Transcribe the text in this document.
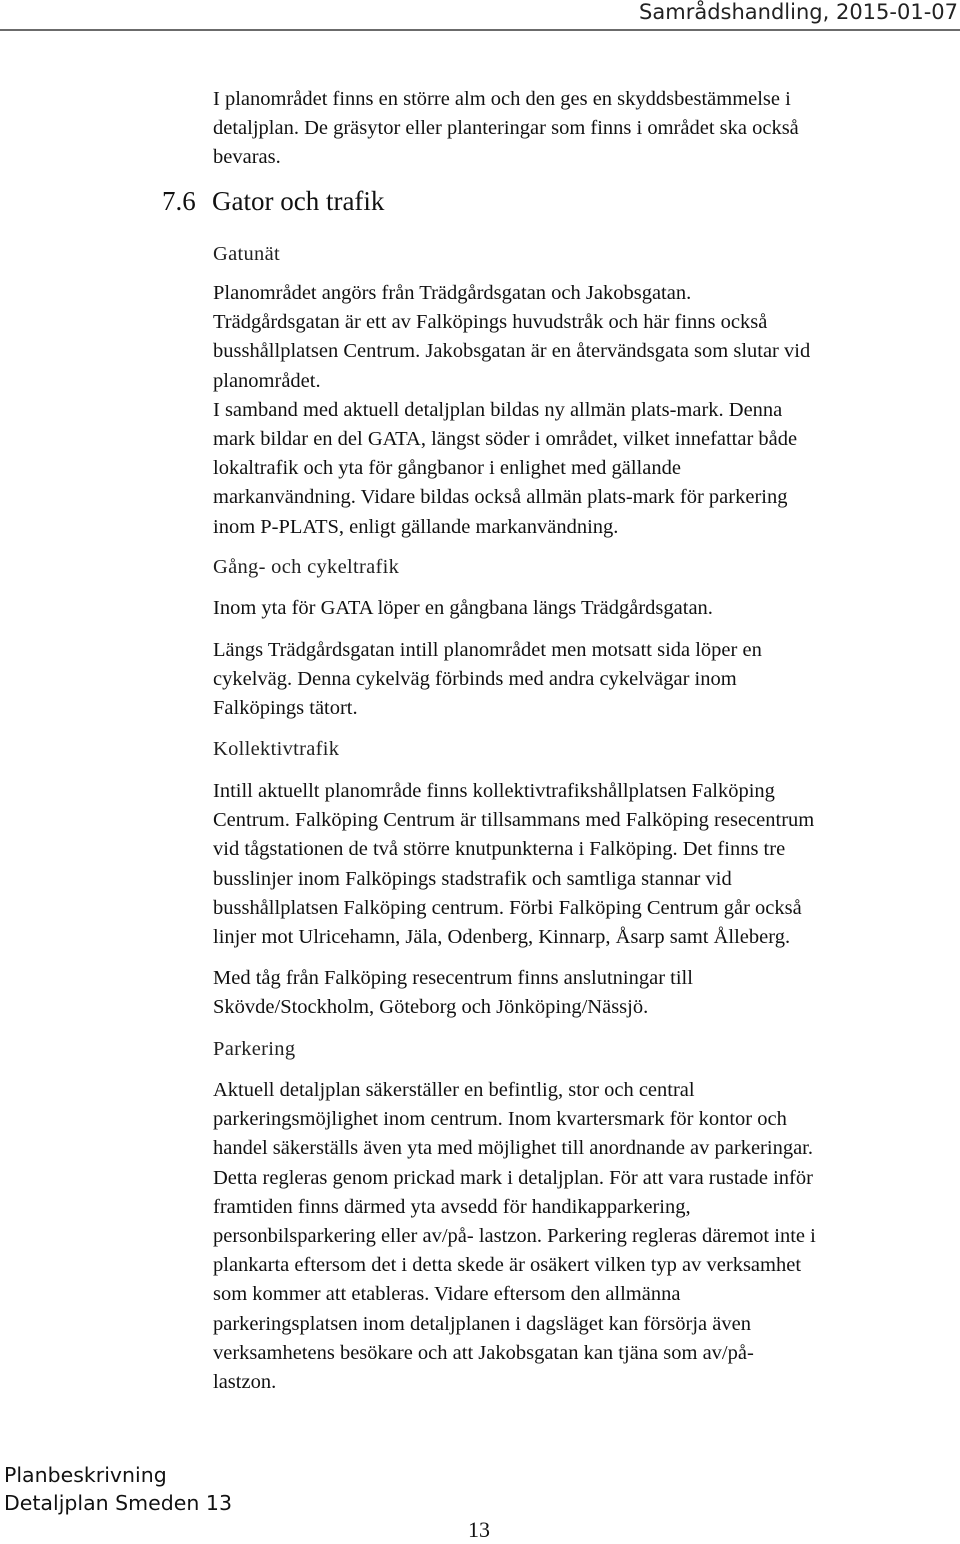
Samrådshandling, 2015-01-07
I planområdet finns en större alm och den ges en skyddsbestämmelse i
detaljplan. De gräsytor eller planteringar som finns i området ska också
bevaras.
7.6 Gator och trafik
Gatunät
Planområdet angörs från Trädgårdsgatan och Jakobsgatan.
Trädgårdsgatan är ett av Falköpings huvudstråk och här finns också
busshållplatsen Centrum. Jakobsgatan är en återvändsgata som slutar vid
planområdet.
I samband med aktuell detaljplan bildas ny allmän plats-mark. Denna
mark bildar en del GATA, längst söder i området, vilket innefattar både
lokaltrafik och yta för gångbanor i enlighet med gällande
markanvändning. Vidare bildas också allmän plats-mark för parkering
inom P-PLATS, enligt gällande markanvändning.
Gång- och cykeltrafik
Inom yta för GATA löper en gångbana längs Trädgårdsgatan.
Längs Trädgårdsgatan intill planområdet men motsatt sida löper en
cykelväg. Denna cykelväg förbinds med andra cykelvägar inom
Falköpings tätort.
Kollektivtrafik
Intill aktuellt planområde finns kollektivtrafikshållplatsen Falköping
Centrum. Falköping Centrum är tillsammans med Falköping resecentrum
vid tågstationen de två större knutpunkterna i Falköping. Det finns tre
busslinjer inom Falköpings stadstrafik och samtliga stannar vid
busshållplatsen Falköping centrum. Förbi Falköping Centrum går också
linjer mot Ulricehamn, Jäla, Odenberg, Kinnarp, Åsarp samt Ålleberg.
Med tåg från Falköping resecentrum finns anslutningar till
Skövde/Stockholm, Göteborg och Jönköping/Nässjö.
Parkering
Aktuell detaljplan säkerställer en befintlig, stor och central
parkeringsmöjlighet inom centrum. Inom kvartersmark för kontor och
handel säkerställs även yta med möjlighet till anordnande av parkeringar.
Detta regleras genom prickad mark i detaljplan. För att vara rustade inför
framtiden finns därmed yta avsedd för handikapparkering,
personbilsparkering eller av/på- lastzon. Parkering regleras däremot inte i
plankarta eftersom det i detta skede är osäkert vilken typ av verksamhet
som kommer att etableras. Vidare eftersom den allmänna
parkeringsplatsen inom detaljplanen i dagsläget kan försörja även
verksamhetens besökare och att Jakobsgatan kan tjäna som av/på-
lastzon.
Planbeskrivning
Detaljplan Smeden 13
13
